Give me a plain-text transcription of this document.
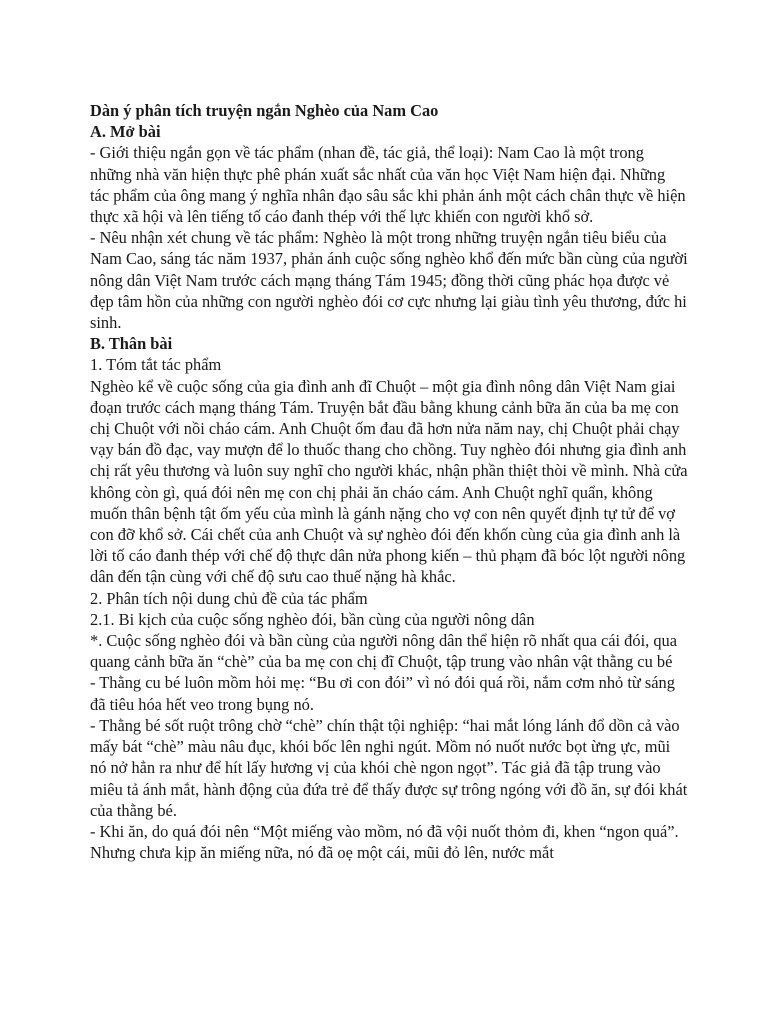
Dàn ý phân tích truyện ngắn Nghèo của Nam Cao

A. Mở bài

- Giới thiệu ngắn gọn về tác phẩm (nhan đề, tác giả, thể loại): Nam Cao là một trong những nhà văn hiện thực phê phán xuất sắc nhất của văn học Việt Nam hiện đại. Những tác phẩm của ông mang ý nghĩa nhân đạo sâu sắc khi phản ánh một cách chân thực về hiện thực xã hội và lên tiếng tố cáo đanh thép với thế lực khiến con người khổ sở.

- Nêu nhận xét chung về tác phẩm: Nghèo là một trong những truyện ngắn tiêu biểu của Nam Cao, sáng tác năm 1937, phản ánh cuộc sống nghèo khổ đến mức bần cùng của người nông dân Việt Nam trước cách mạng tháng Tám 1945; đồng thời cũng phác họa được vẻ đẹp tâm hồn của những con người nghèo đói cơ cực nhưng lại giàu tình yêu thương, đức hi sinh.

B. Thân bài

1. Tóm tắt tác phẩm

Nghèo kể về cuộc sống của gia đình anh đĩ Chuột – một gia đình nông dân Việt Nam giai đoạn trước cách mạng tháng Tám. Truyện bắt đầu bằng khung cảnh bữa ăn của ba mẹ con chị Chuột với nồi cháo cám. Anh Chuột ốm đau đã hơn nửa năm nay, chị Chuột phải chạy vạy bán đồ đạc, vay mượn để lo thuốc thang cho chồng. Tuy nghèo đói nhưng gia đình anh chị rất yêu thương và luôn suy nghĩ cho người khác, nhận phần thiệt thòi về mình. Nhà cửa không còn gì, quá đói nên mẹ con chị phải ăn cháo cám. Anh Chuột nghĩ quẩn, không muốn thân bệnh tật ốm yếu của mình là gánh nặng cho vợ con nên quyết định tự tử để vợ con đỡ khổ sở. Cái chết của anh Chuột và sự nghèo đói đến khốn cùng của gia đình anh là lời tố cáo đanh thép với chế độ thực dân nửa phong kiến – thủ phạm đã bóc lột người nông dân đến tận cùng với chế độ sưu cao thuế nặng hà khắc.

2. Phân tích nội dung chủ đề của tác phẩm

2.1. Bi kịch của cuộc sống nghèo đói, bần cùng của người nông dân

*. Cuộc sống nghèo đói và bần cùng của người nông dân thể hiện rõ nhất qua cái đói, qua quang cảnh bữa ăn “chè” của ba mẹ con chị đĩ Chuột, tập trung vào nhân vật thằng cu bé

- Thằng cu bé luôn mồm hỏi mẹ: “Bu ơi con đói” vì nó đói quá rồi, nắm cơm nhỏ từ sáng đã tiêu hóa hết veo trong bụng nó.

- Thằng bé sốt ruột trông chờ “chè” chín thật tội nghiệp: “hai mắt lóng lánh đổ dồn cả vào mấy bát “chè” màu nâu đục, khói bốc lên nghi ngút. Mồm nó nuốt nước bọt ừng ực, mũi nó nở hẳn ra như để hít lấy hương vị của khói chè ngon ngọt”. Tác giả đã tập trung vào miêu tả ánh mắt, hành động của đứa trẻ để thấy được sự trông ngóng với đồ ăn, sự đói khát của thằng bé.

- Khi ăn, do quá đói nên “Một miếng vào mồm, nó đã vội nuốt thỏm đi, khen “ngon quá”. Nhưng chưa kịp ăn miếng nữa, nó đã oẹ một cái, mũi đỏ lên, nước mắt
